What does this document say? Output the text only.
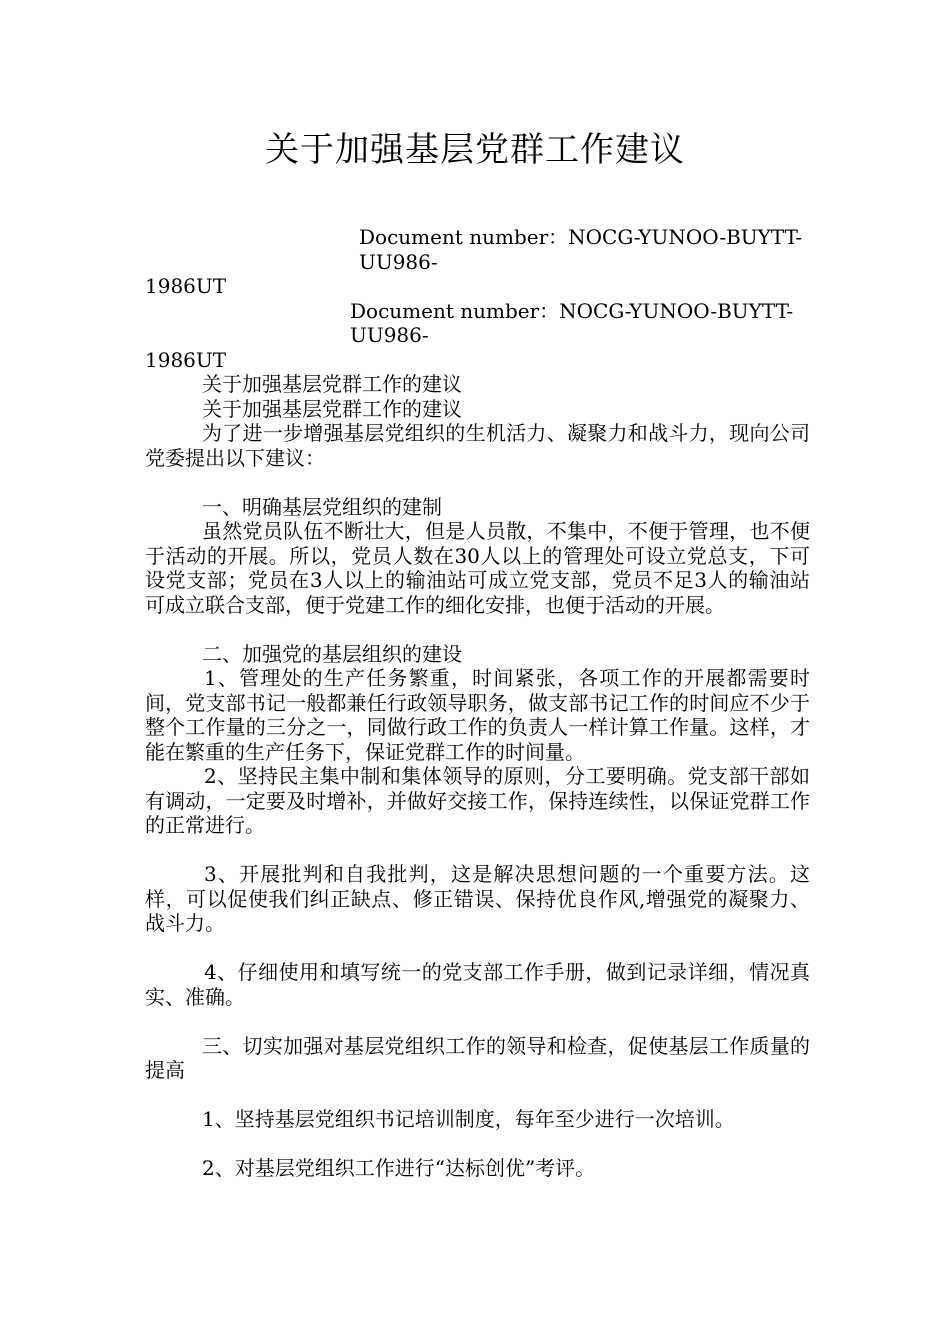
关于加强基层党群工作建议

Document number：NOCG-YUNOO-BUYTT-UU986-
1986UT

Document number：NOCG-YUNOO-BUYTT-UU986-
1986UT

关于加强基层党群工作的建议

关于加强基层党群工作的建议

为了进一步增强基层党组织的生机活力、凝聚力和战斗力，现向公司党委提出以下建议：

一、明确基层党组织的建制

虽然党员队伍不断壮大，但是人员散，不集中，不便于管理，也不便于活动的开展。所以，党员人数在30人以上的管理处可设立党总支，下可设党支部；党员在3人以上的输油站可成立党支部，党员不足3人的输油站可成立联合支部，便于党建工作的细化安排，也便于活动的开展。

二、加强党的基层组织的建设

1、管理处的生产任务繁重，时间紧张，各项工作的开展都需要时间，党支部书记一般都兼任行政领导职务，做支部书记工作的时间应不少于整个工作量的三分之一，同做行政工作的负责人一样计算工作量。这样，才能在繁重的生产任务下，保证党群工作的时间量。

2、坚持民主集中制和集体领导的原则，分工要明确。党支部干部如有调动，一定要及时增补，并做好交接工作，保持连续性，以保证党群工作的正常进行。

3、开展批判和自我批判，这是解决思想问题的一个重要方法。这样，可以促使我们纠正缺点、修正错误、保持优良作风,增强党的凝聚力、战斗力。

4、仔细使用和填写统一的党支部工作手册，做到记录详细，情况真实、准确。

三、切实加强对基层党组织工作的领导和检查，促使基层工作质量的提高

1、坚持基层党组织书记培训制度，每年至少进行一次培训。

2、对基层党组织工作进行“达标创优”考评。
